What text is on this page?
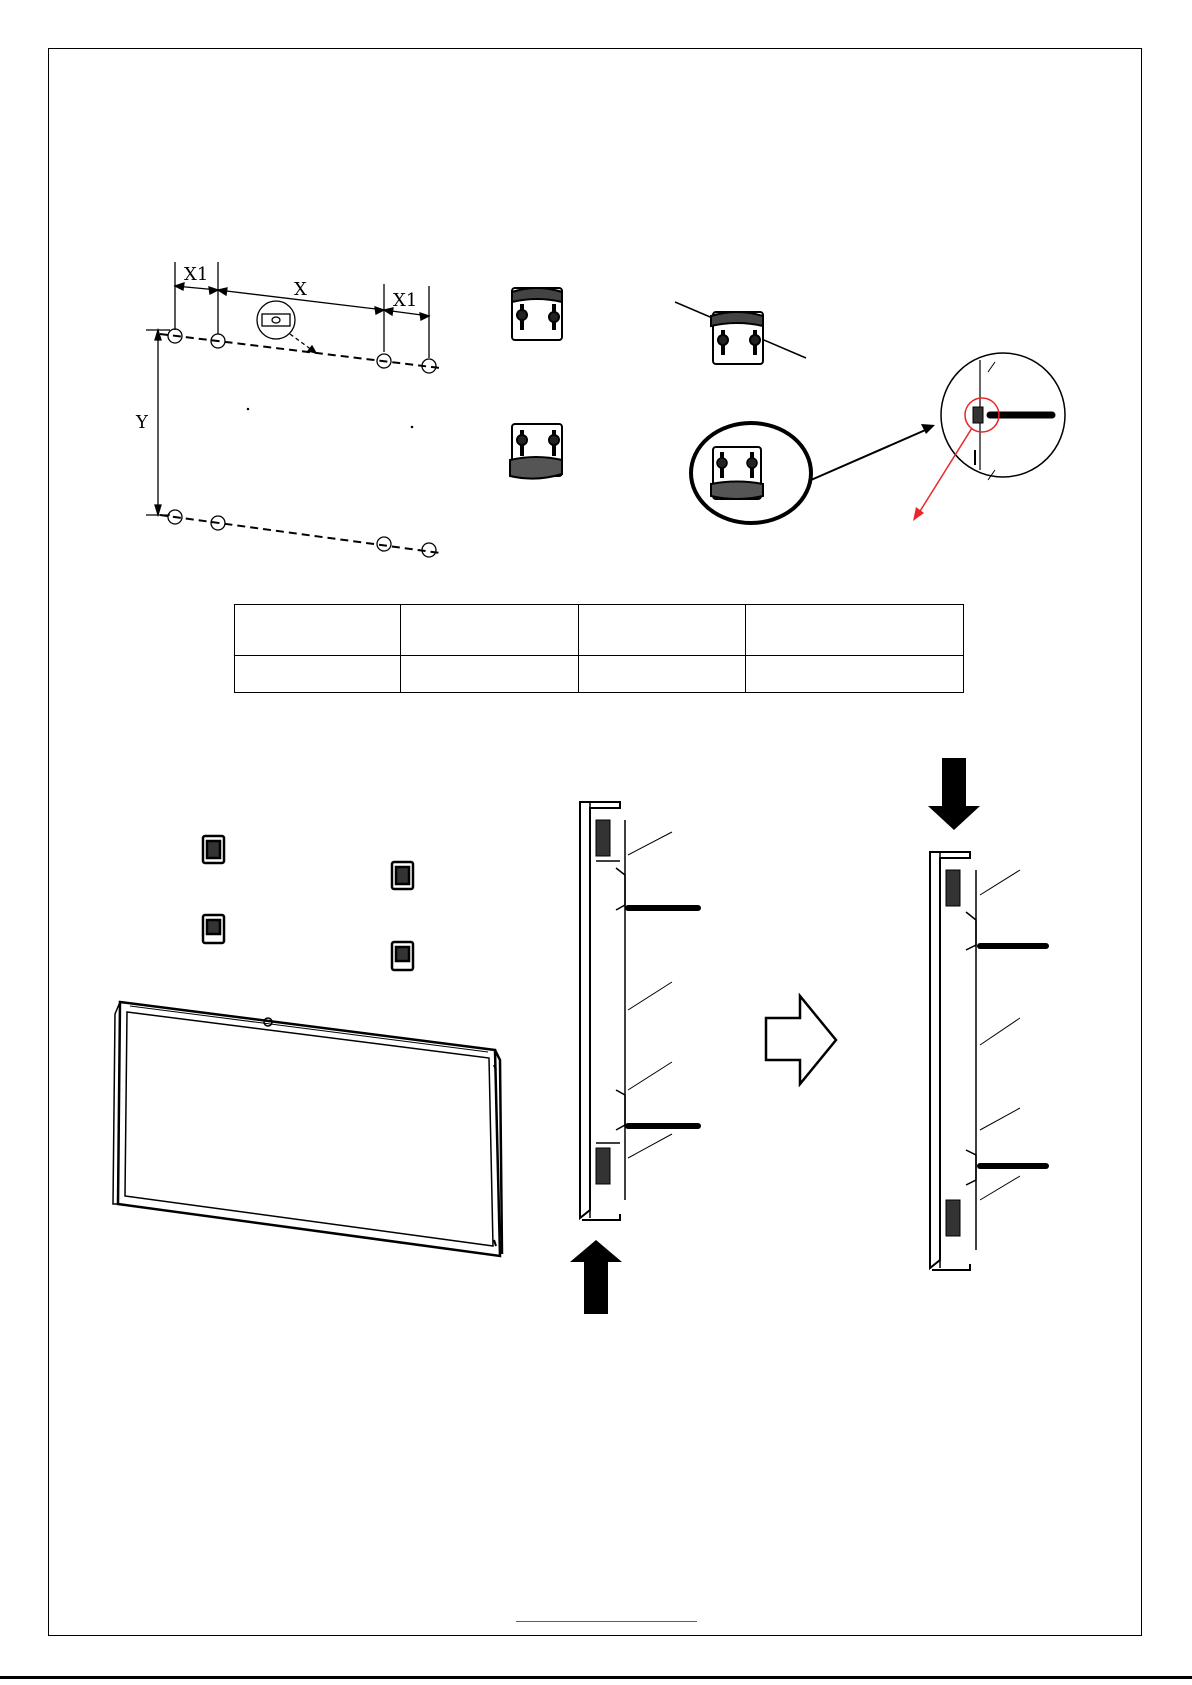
X1
X
X1
Y
